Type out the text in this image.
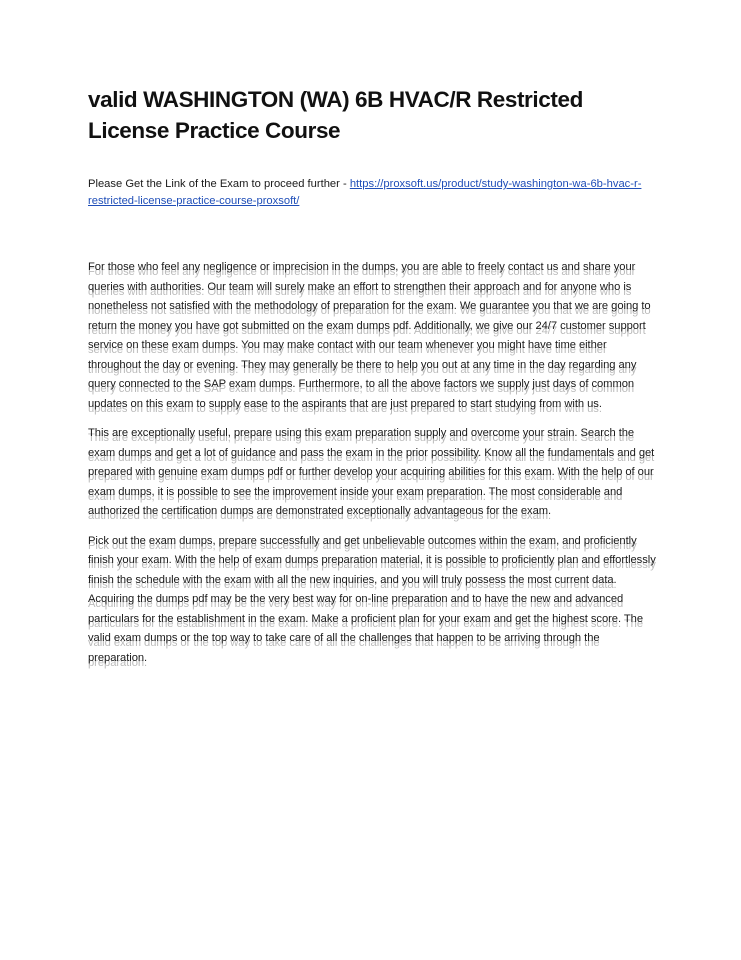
valid WASHINGTON (WA) 6B HVAC/R Restricted License Practice Course
Please Get the Link of the Exam to proceed further - https://proxsoft.us/product/study-washington-wa-6b-hvac-r-restricted-license-practice-course-proxsoft/

For those who feel any negligence or imprecision in the dumps, you are able to freely contact us and share your queries with authorities. Our team will surely make an effort to strengthen their approach and for anyone who is nonetheless not satisfied with the methodology of preparation for the exam. We guarantee you that we are going to return the money you have got submitted on the exam dumps pdf. Additionally, we give our 24/7 customer support service on these exam dumps. You may make contact with our team whenever you might have time either throughout the day or evening. They may generally be there to help you out at any time in the day regarding any query connected to the SAP exam dumps. Furthermore, to all the above factors we supply just days of common updates on this exam to supply ease to the aspirants that are just prepared to start studying from with us.

This are exceptionally useful, prepare using this exam preparation supply and overcome your strain. Search the exam dumps and get a lot of guidance and pass the exam in the prior possibility. Know all the fundamentals and get prepared with genuine exam dumps pdf or further develop your acquiring abilities for this exam. With the help of our exam dumps, it is possible to see the improvement inside your exam preparation. The most considerable and authorized the certification dumps are demonstrated exceptionally advantageous for the exam.

Pick out the exam dumps, prepare successfully and get unbelievable outcomes within the exam, and proficiently finish your exam. With the help of exam dumps preparation material, it is possible to proficiently plan and effortlessly finish the schedule with the exam with all the new inquiries, and you will truly possess the most current data. Acquiring the dumps pdf may be the very best way for on-line preparation and to have the new and advanced particulars for the establishment in the exam. Make a proficient plan for your exam and get the highest score. The valid exam dumps or the top way to take care of all the challenges that happen to be arriving through the preparation.
